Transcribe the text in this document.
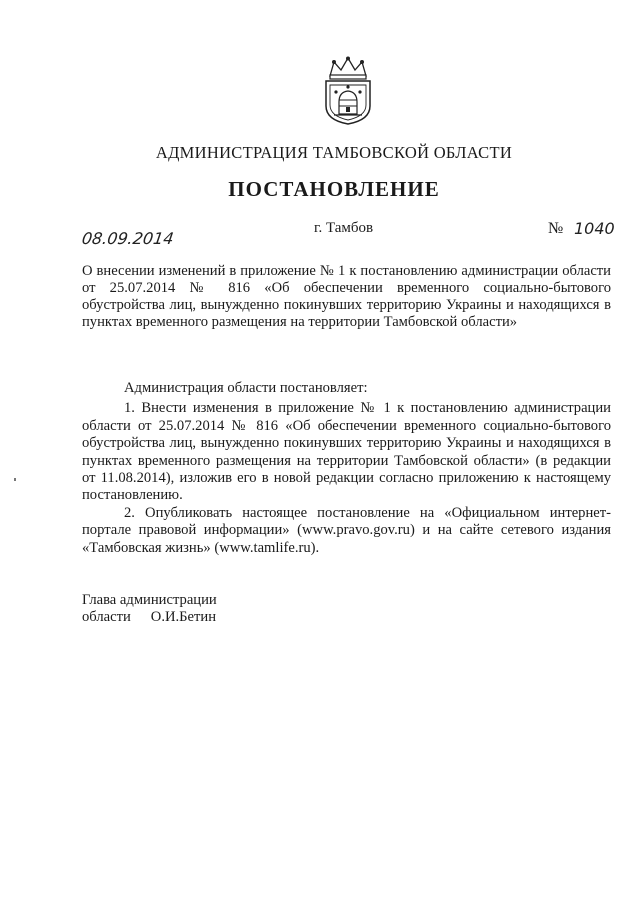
АДМИНИСТРАЦИЯ ТАМБОВСКОЙ ОБЛАСТИ
ПОСТАНОВЛЕНИЕ
08.09.2014
г. Тамбов	№ 1040

О внесении изменений в приложение № 1 к постановлению администрации области от 25.07.2014 № 816 «Об обеспечении временного социально-бытового обустройства лиц, вынужденно покинувших территорию Украины и находящихся в пунктах временного размещения на территории Тамбовской области»

Администрация области постановляет:

1. Внести изменения в приложение № 1 к постановлению администрации области от 25.07.2014 № 816 «Об обеспечении временного социально-бытового обустройства лиц, вынужденно покинувших территорию Украины и находящихся в пунктах временного размещения на территории Тамбовской области» (в редакции от 11.08.2014), изложив его в новой редакции согласно приложению к настоящему постановлению.

2. Опубликовать настоящее постановление на «Официальном интернет-портале правовой информации» (www.pravo.gov.ru) и на сайте сетевого издания «Тамбовская жизнь» (www.tamlife.ru).

Глава администрации
области О.И.Бетин
